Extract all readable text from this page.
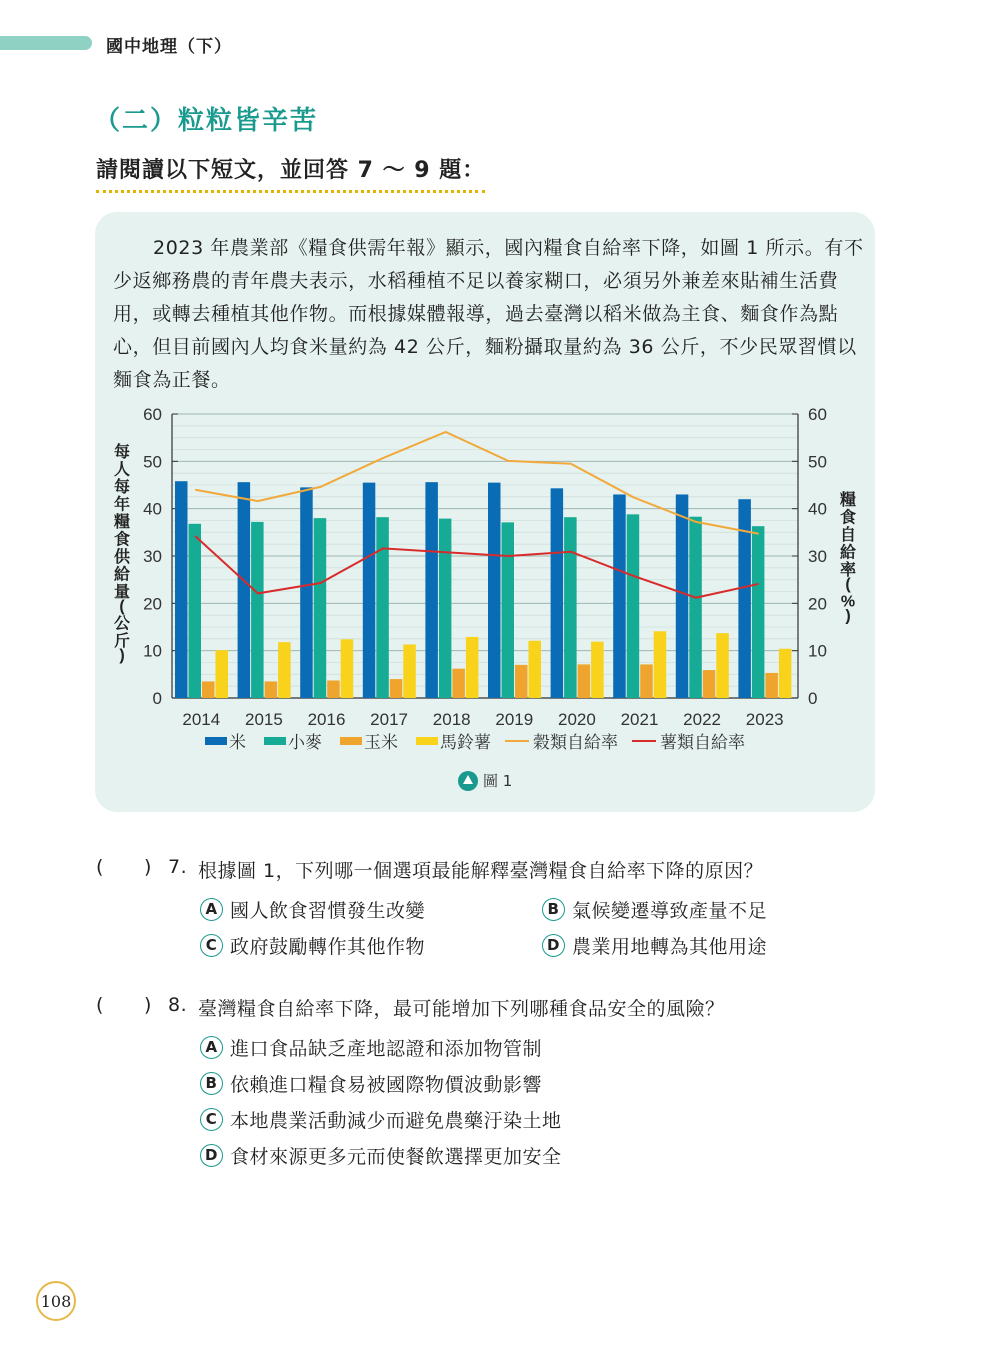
國中地理（下）
（二）粒粒皆辛苦
請閱讀以下短文，並回答 7 ～ 9 題：

2023 年農業部《糧食供需年報》顯示，國內糧食自給率下降，如圖 1 所示。有不少返鄉務農的青年農夫表示，水稻種植不足以養家糊口，必須另外兼差來貼補生活費用，或轉去種植其他作物。而根據媒體報導，過去臺灣以稻米做為主食、麵食作為點心，但目前國內人均食米量約為 42 公斤，麵粉攝取量約為 36 公斤，不少民眾習慣以麵食為正餐。

0	0
10	10
20	20
30	30
40	40
50	50
60	60
每人每年糧食供給量(公斤)
糧食自給率( % )
2014 2015 2016 2017 2018 2019 2020 2021 2022 2023
米 小麥 玉米 馬鈴薯 穀類自給率 薯類自給率
圖 1
( ) 7. 根據圖 1，下列哪一個選項最能解釋臺灣糧食自給率下降的原因？
A 國人飲食習慣發生改變	B 氣候變遷導致產量不足
C 政府鼓勵轉作其他作物	D 農業用地轉為其他用途
( ) 8. 臺灣糧食自給率下降，最可能增加下列哪種食品安全的風險？
A 進口食品缺乏產地認證和添加物管制
B 依賴進口糧食易被國際物價波動影響
C 本地農業活動減少而避免農藥汙染土地
D 食材來源更多元而使餐飲選擇更加安全
108
